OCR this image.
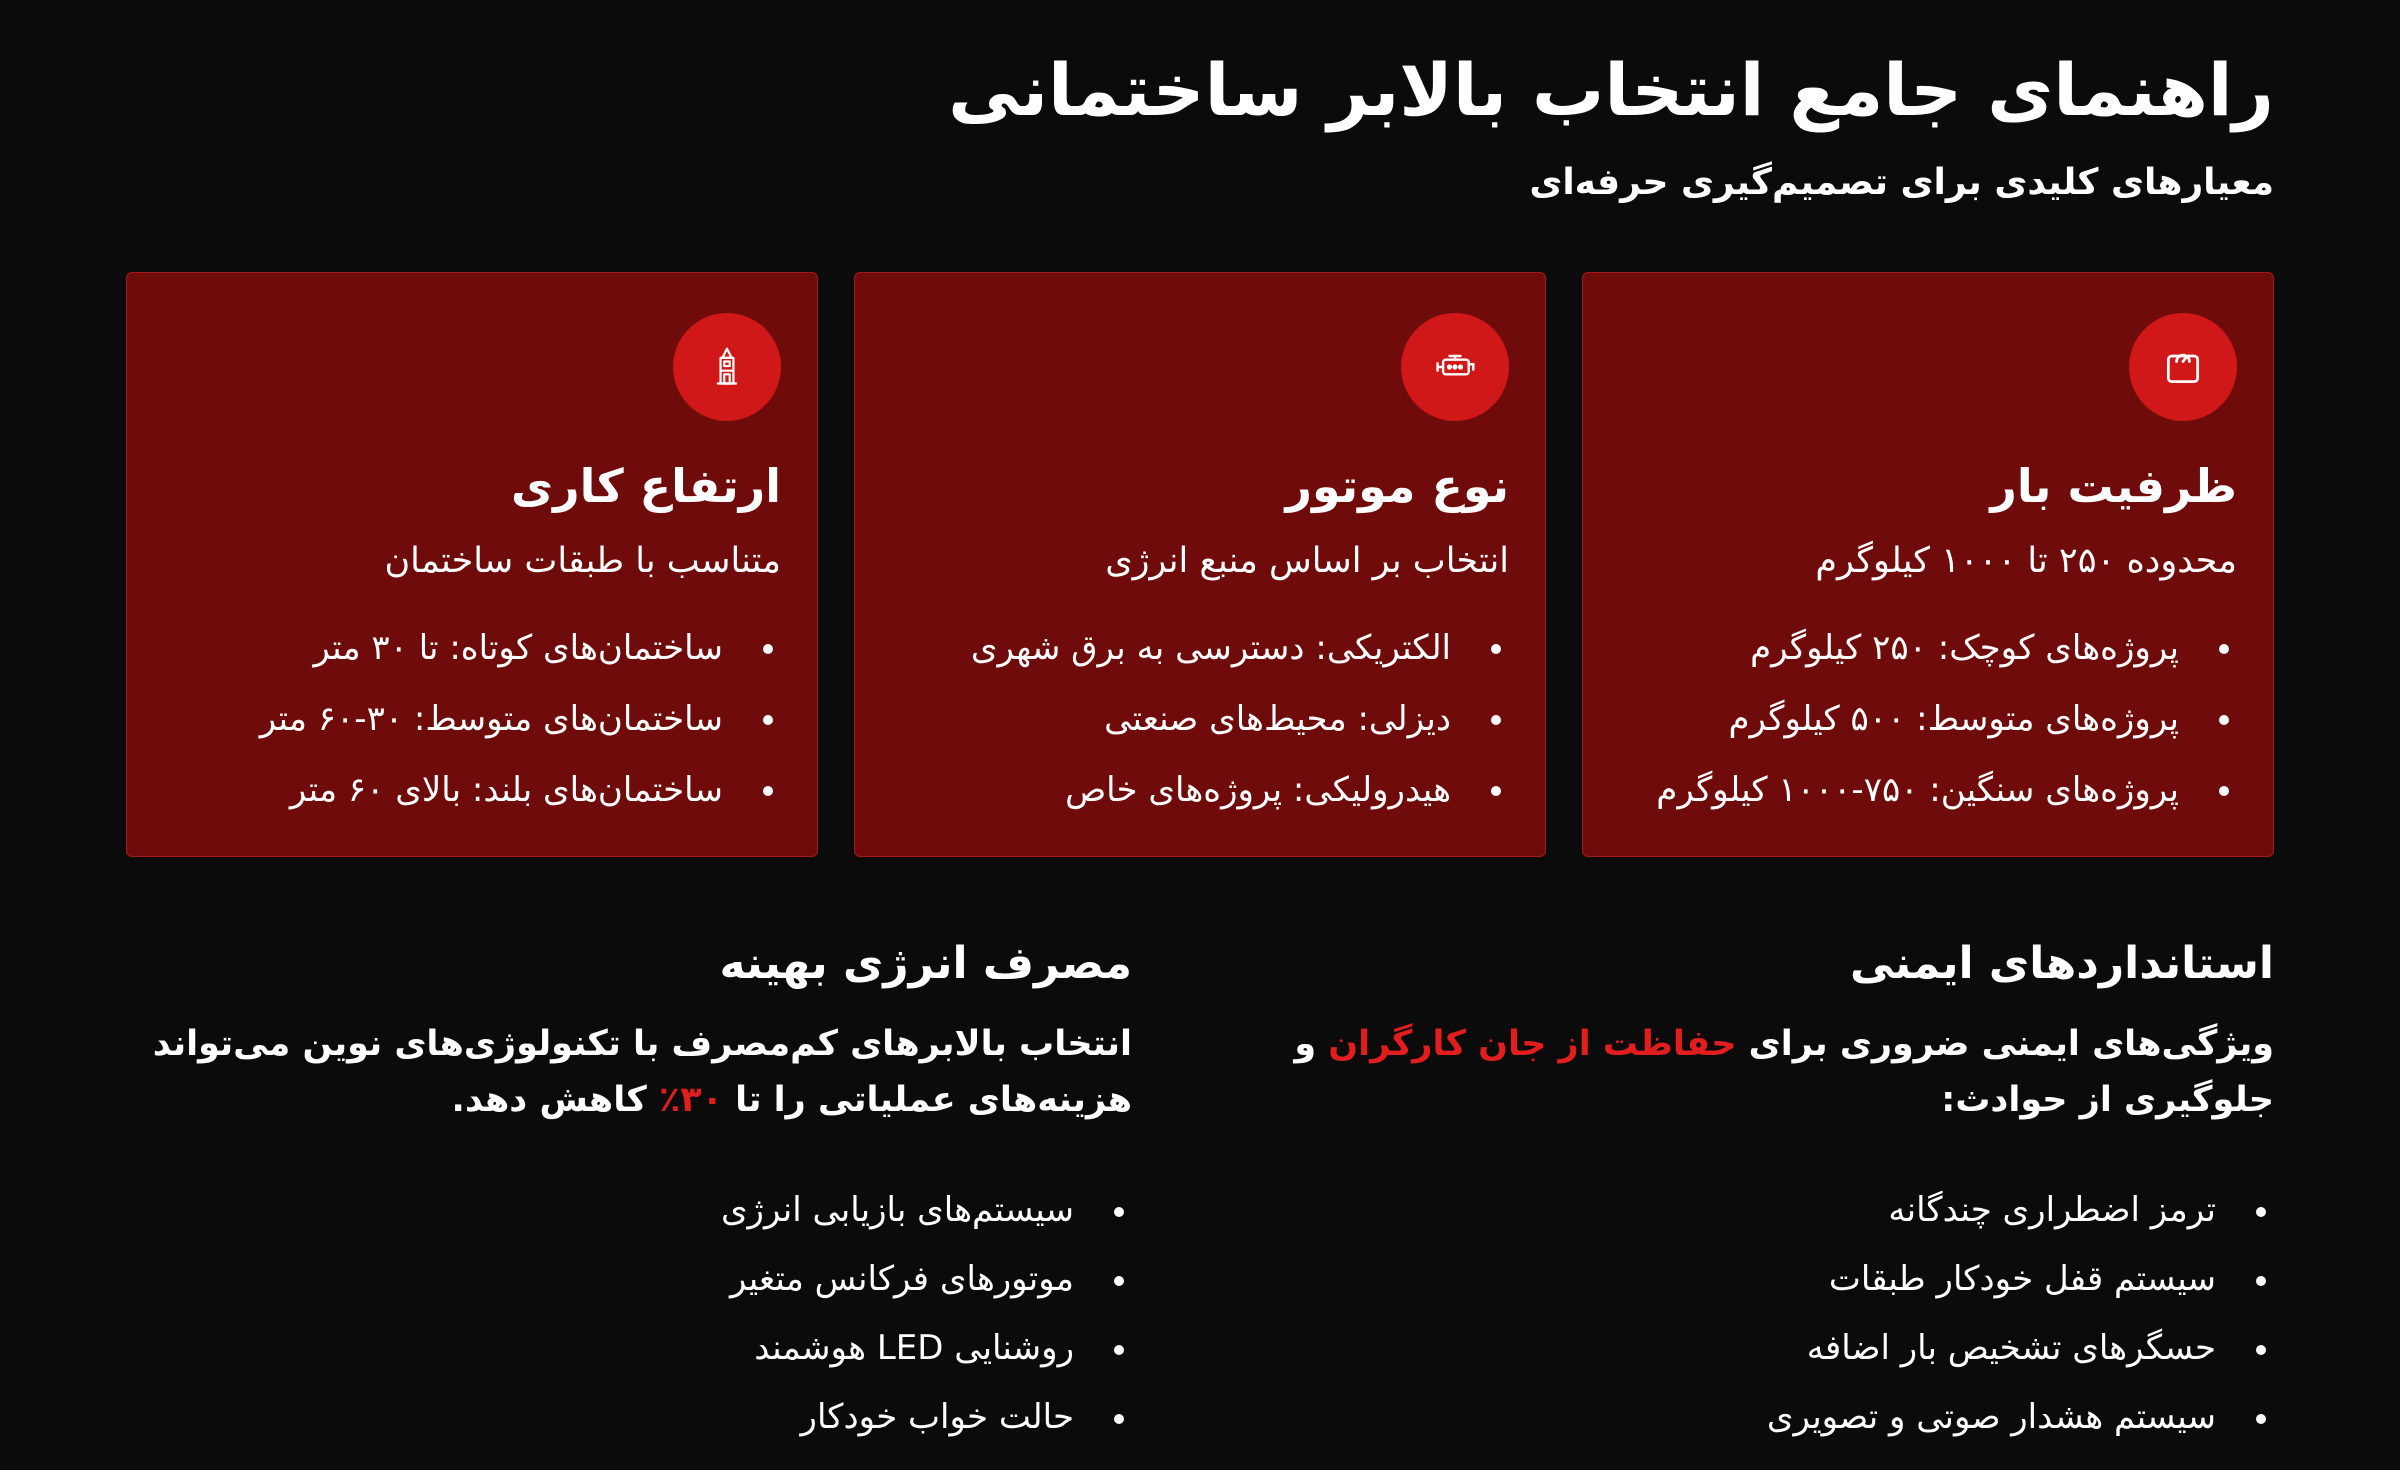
راهنمای جامع انتخاب بالابر ساختمانی

معیارهای کلیدی برای تصمیم‌گیری حرفه‌ای

ظرفیت بار

محدوده ۲۵۰ تا ۱۰۰۰ کیلوگرم

پروژه‌های کوچک: ۲۵۰ کیلوگرم
پروژه‌های متوسط: ۵۰۰ کیلوگرم
پروژه‌های سنگین: ۷۵۰-۱۰۰۰ کیلوگرم
نوع موتور

انتخاب بر اساس منبع انرژی

الکتریکی: دسترسی به برق شهری
دیزلی: محیط‌های صنعتی
هیدرولیکی: پروژه‌های خاص
ارتفاع کاری

متناسب با طبقات ساختمان

ساختمان‌های کوتاه: تا ۳۰ متر
ساختمان‌های متوسط: ۳۰-۶۰ متر
ساختمان‌های بلند: بالای ۶۰ متر
استانداردهای ایمنی

ویژگی‌های ایمنی ضروری برای حفاظت از جان کارگران و جلوگیری از حوادث:

ترمز اضطراری چندگانه
سیستم قفل خودکار طبقات
حسگرهای تشخیص بار اضافه
سیستم هشدار صوتی و تصویری
مصرف انرژی بهینه

انتخاب بالابرهای کم‌مصرف با تکنولوژی‌های نوین می‌تواند هزینه‌های عملیاتی را تا ۳۰٪ کاهش دهد.

سیستم‌های بازیابی انرژی
موتورهای فرکانس متغیر
روشنایی LED هوشمند
حالت خواب خودکار
